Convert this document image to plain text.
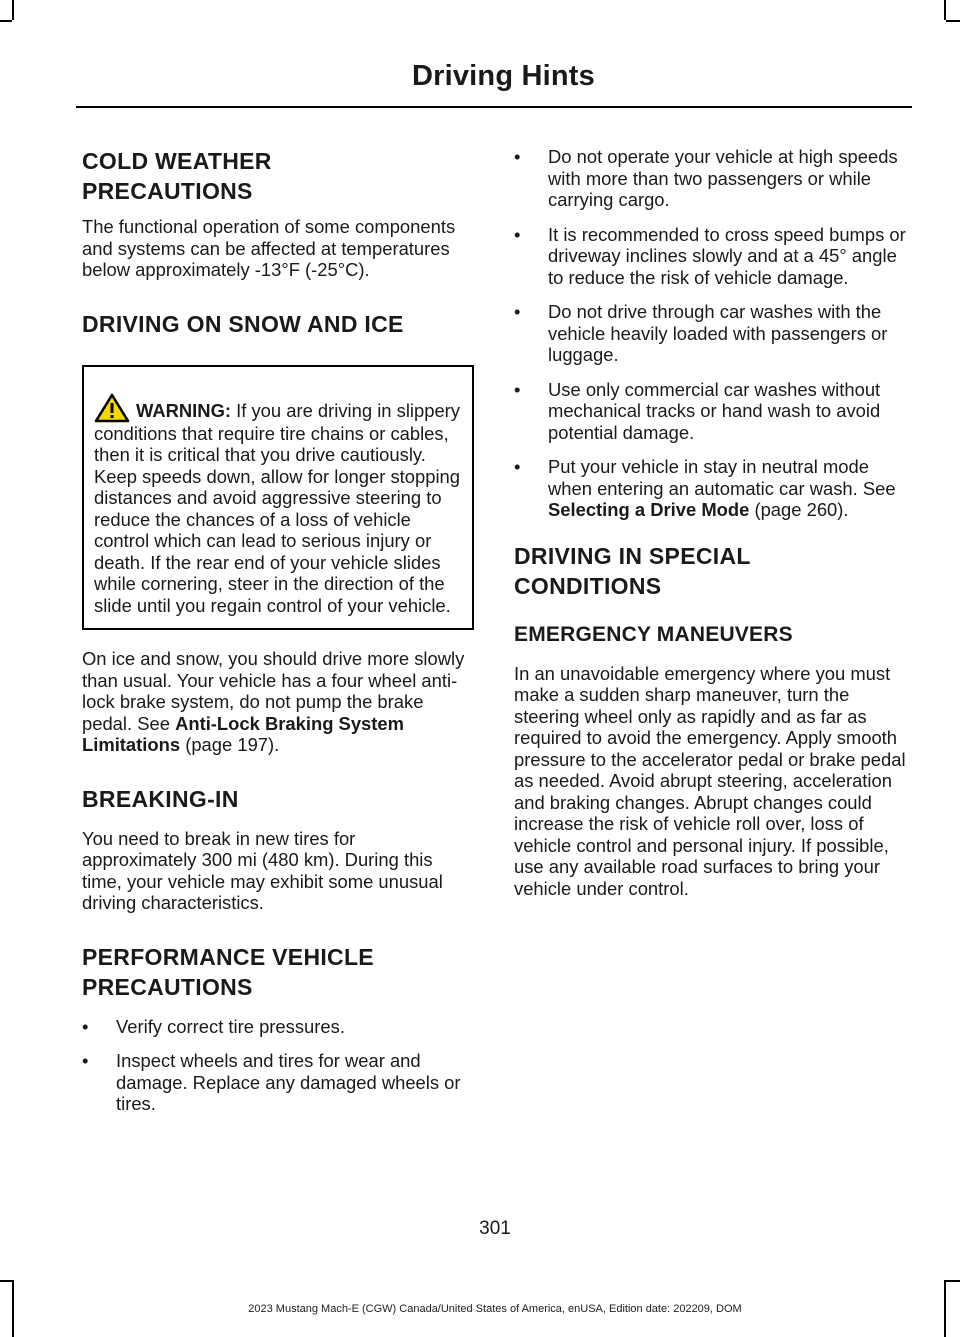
Driving Hints
COLD WEATHER
PRECAUTIONS

The functional operation of some components and systems can be affected at temperatures below approximately -13°F (-25°C).

DRIVING ON SNOW AND ICE
WARNING: If you are driving in slippery conditions that require tire chains or cables, then it is critical that you drive cautiously. Keep speeds down, allow for longer stopping distances and avoid aggressive steering to reduce the chances of a loss of vehicle control which can lead to serious injury or death. If the rear end of your vehicle slides while cornering, steer in the direction of the slide until you regain control of your vehicle.

On ice and snow, you should drive more slowly than usual. Your vehicle has a four wheel anti-lock brake system, do not pump the brake pedal. See Anti-Lock Braking System Limitations (page 197).

BREAKING-IN

You need to break in new tires for approximately 300 mi (480 km). During this time, your vehicle may exhibit some unusual driving characteristics.

PERFORMANCE VEHICLE
PRECAUTIONS
• Verify correct tire pressures.
• Inspect wheels and tires for wear and damage. Replace any damaged wheels or tires.
• Do not operate your vehicle at high speeds with more than two passengers or while carrying cargo.
• It is recommended to cross speed bumps or driveway inclines slowly and at a 45° angle to reduce the risk of vehicle damage.
• Do not drive through car washes with the vehicle heavily loaded with passengers or luggage.
• Use only commercial car washes without mechanical tracks or hand wash to avoid potential damage.
• Put your vehicle in stay in neutral mode when entering an automatic car wash. See Selecting a Drive Mode (page 260).
DRIVING IN SPECIAL
CONDITIONS
EMERGENCY MANEUVERS

In an unavoidable emergency where you must make a sudden sharp maneuver, turn the steering wheel only as rapidly and as far as required to avoid the emergency. Apply smooth pressure to the accelerator pedal or brake pedal as needed. Avoid abrupt steering, acceleration and braking changes. Abrupt changes could increase the risk of vehicle roll over, loss of vehicle control and personal injury. If possible, use any available road surfaces to bring your vehicle under control.

301
2023 Mustang Mach-E (CGW) Canada/United States of America, enUSA, Edition date: 202209, DOM
